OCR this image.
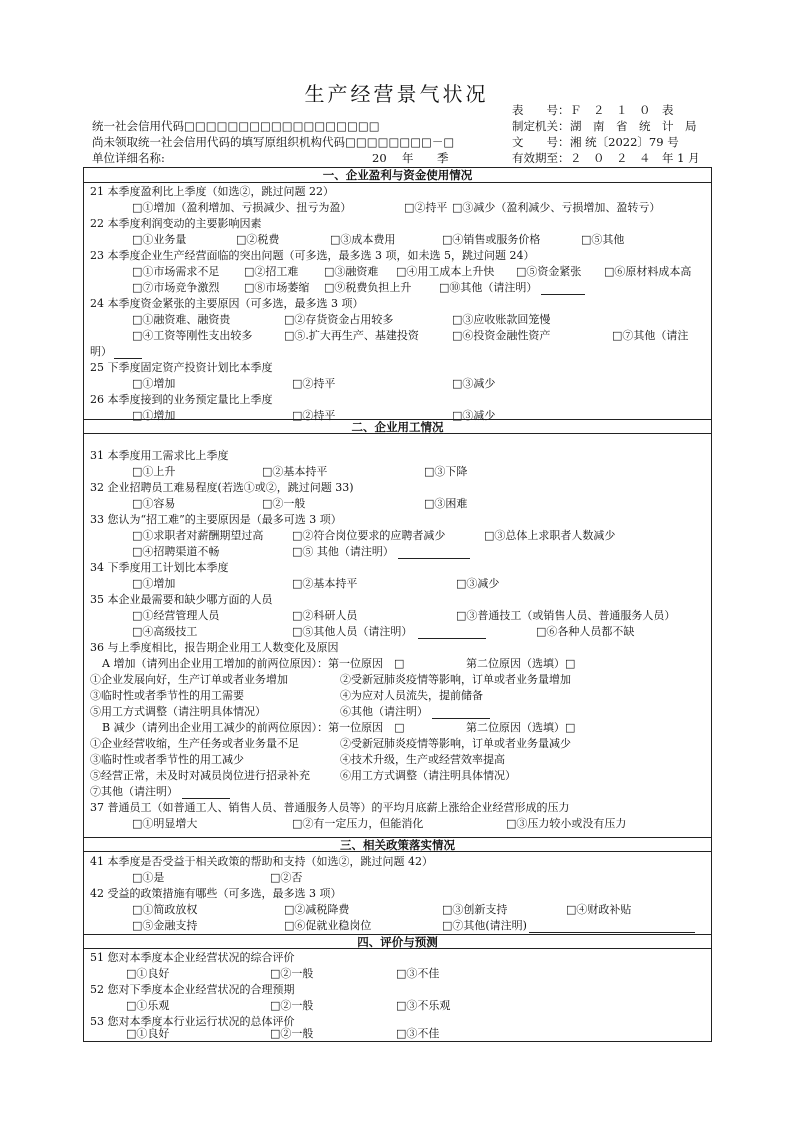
生产经营景气状况
统一社会信用代码□□□□□□□□□□□□□□□□□□
尚未领取统一社会信用代码的填写原组织机构代码□□□□□□□□－□
单位详细名称:	20 年 季
表　　号： Ｆ　２　１　０　表
制定机关： 湖　南　省　统　计　局
文　　号： 湘 统〔2022〕79 号
有效期至： ２　０　２　４　年 1 月
一、企业盈利与资金使用情况
21 本季度盈利比上季度（如选②，跳过问题 22）
□①增加（盈利增加、亏损减少、扭亏为盈）	□②持平 □③减少（盈利减少、亏损增加、盈转亏）
22 本季度利润变动的主要影响因素
□①业务量	□②税费	□③成本费用	□④销售或服务价格	□⑤其他
23 本季度企业生产经营面临的突出问题（可多选，最多选 3 项，如未选 5，跳过问题 24）
□①市场需求不足 □②招工难 □③融资难 □④用工成本上升快 □⑤资金紧张 □⑥原材料成本高
□⑦市场竞争激烈 □⑧市场萎缩 □⑨税费负担上升	□⑩其他（请注明）
24 本季度资金紧张的主要原因（可多选，最多选 3 项）
□①融资难、融资贵	□②存货资金占用较多	□③应收账款回笼慢
□④工资等刚性支出较多	□⑤.扩大再生产、基建投资	□⑥投资金融性资产	□⑦其他（请注
明）
25 下季度固定资产投资计划比本季度
□①增加	□②持平	□③减少
26 本季度接到的业务预定量比上季度
□①增加	□②持平	□③减少
二、企业用工情况
31 本季度用工需求比上季度
□①上升	□②基本持平	□③下降
32 企业招聘员工难易程度(若选①或②，跳过问题 33)
□①容易	□②一般	□③困难
33 您认为“招工难”的主要原因是（最多可选 3 项）
□①求职者对薪酬期望过高	□②符合岗位要求的应聘者减少	□③总体上求职者人数减少
□④招聘渠道不畅	□⑤ 其他（请注明）
34 下季度用工计划比本季度
□①增加	□②基本持平	□③减少
35 本企业最需要和缺少哪方面的人员
□①经营管理人员	□②科研人员	□③普通技工（或销售人员、普通服务人员）
□④高级技工	□⑤其他人员（请注明）	□⑥各种人员都不缺
36 与上季度相比，报告期企业用工人数变化及原因
A 增加（请列出企业用工增加的前两位原因）：第一位原因　□	第二位原因（选填）□
①企业发展向好，生产订单或者业务增加	②受新冠肺炎疫情等影响，订单或者业务量增加
③临时性或者季节性的用工需要	④为应对人员流失，提前储备
⑤用工方式调整（请注明具体情况）	⑥其他（请注明）
B 减少（请列出企业用工减少的前两位原因）：第一位原因　□	第二位原因（选填）□
①企业经营收缩，生产任务或者业务量不足	②受新冠肺炎疫情等影响，订单或者业务量减少
③临时性或者季节性的用工减少	④技术升级，生产或经营效率提高
⑤经营正常，未及时对减员岗位进行招录补充	⑥用工方式调整（请注明具体情况）
⑦其他（请注明）
37 普通员工（如普通工人、销售人员、普通服务人员等）的平均月底薪上涨给企业经营形成的压力
□①明显增大	□②有一定压力，但能消化	□③压力较小或没有压力
三、相关政策落实情况
41 本季度是否受益于相关政策的帮助和支持（如选②，跳过问题 42）
□①是	□②否
42 受益的政策措施有哪些（可多选，最多选 3 项）
□①简政放权	□②减税降费	□③创新支持	□④财政补贴
□⑤金融支持	□⑥促就业稳岗位	□⑦其他(请注明)
四、评价与预测
51 您对本季度本企业经营状况的综合评价
□①良好	□②一般	□③不佳
52 您对下季度本企业经营状况的合理预期
□①乐观	□②一般	□③不乐观
53 您对本季度本行业运行状况的总体评价
□①良好	□②一般	□③不佳
